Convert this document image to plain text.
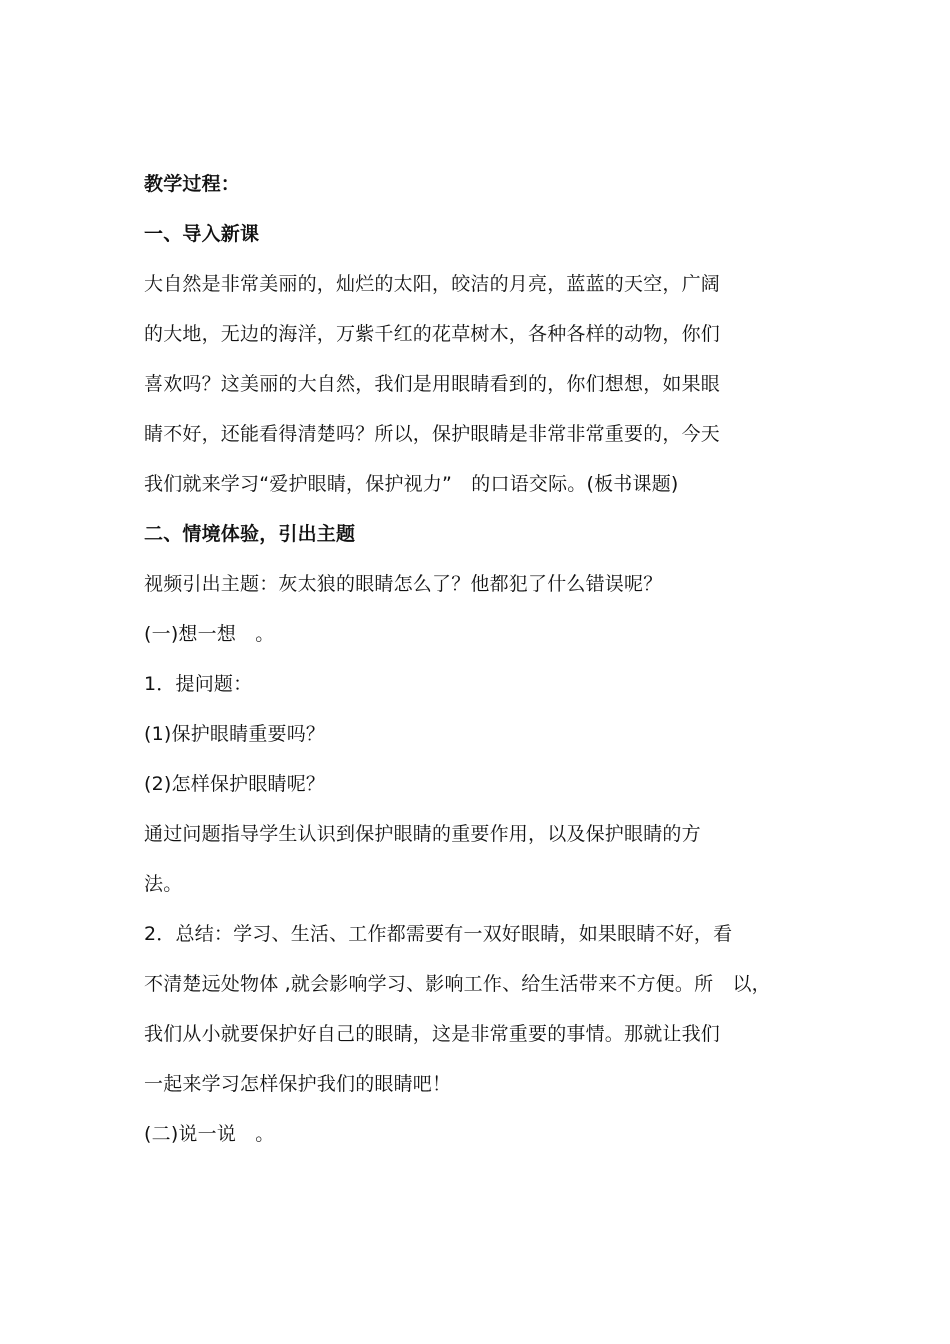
教学过程：
一、导入新课
大自然是非常美丽的，灿烂的太阳，皎洁的月亮，蓝蓝的天空，广阔
的大地，无边的海洋，万紫千红的花草树木，各种各样的动物，你们
喜欢吗？这美丽的大自然，我们是用眼睛看到的，你们想想，如果眼
睛不好，还能看得清楚吗？所以，保护眼睛是非常非常重要的，今天
我们就来学习“爱护眼睛，保护视力”　的口语交际。(板书课题)
二、情境体验，引出主题
视频引出主题：灰太狼的眼睛怎么了？他都犯了什么错误呢？
(一)想一想　。
1．提问题：
(1)保护眼睛重要吗？
(2)怎样保护眼睛呢？
通过问题指导学生认识到保护眼睛的重要作用，以及保护眼睛的方
法。
2．总结：学习、生活、工作都需要有一双好眼睛，如果眼睛不好，看
不清楚远处物体 ,就会影响学习、影响工作、给生活带来不方便。所　以，
我们从小就要保护好自己的眼睛，这是非常重要的事情。那就让我们
一起来学习怎样保护我们的眼睛吧！
(二)说一说　。
